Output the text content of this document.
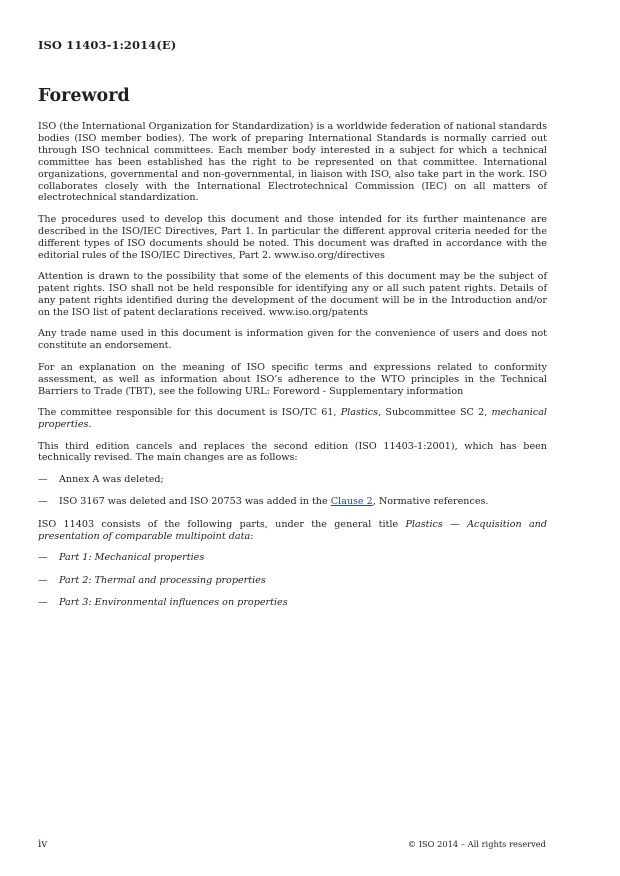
ISO 11403-1:2014(E)
Foreword

ISO (the International Organization for Standardization) is a worldwide federation of national standards bodies (ISO member bodies). The work of preparing International Standards is normally carried out through ISO technical committees. Each member body interested in a subject for which a technical committee has been established has the right to be represented on that committee. International organizations, governmental and non-governmental, in liaison with ISO, also take part in the work. ISO collaborates closely with the International Electrotechnical Commission (IEC) on all matters of electrotechnical standardization.

The procedures used to develop this document and those intended for its further maintenance are described in the ISO/IEC Directives, Part 1. In particular the different approval criteria needed for the different types of ISO documents should be noted. This document was drafted in accordance with the editorial rules of the ISO/IEC Directives, Part 2. www.iso.org/directives

Attention is drawn to the possibility that some of the elements of this document may be the subject of patent rights. ISO shall not be held responsible for identifying any or all such patent rights. Details of any patent rights identified during the development of the document will be in the Introduction and/or on the ISO list of patent declarations received. www.iso.org/patents

Any trade name used in this document is information given for the convenience of users and does not constitute an endorsement.

For an explanation on the meaning of ISO specific terms and expressions related to conformity assessment, as well as information about ISO’s adherence to the WTO principles in the Technical Barriers to Trade (TBT), see the following URL: Foreword - Supplementary information

The committee responsible for this document is ISO/TC 61, Plastics, Subcommittee SC 2, mechanical properties.

This third edition cancels and replaces the second edition (ISO 11403-1:2001), which has been technically revised. The main changes are as follows:

— Annex A was deleted;

— ISO 3167 was deleted and ISO 20753 was added in the Clause 2, Normative references.

ISO 11403 consists of the following parts, under the general title Plastics — Acquisition and presentation of comparable multipoint data:

— Part 1: Mechanical properties

— Part 2: Thermal and processing properties

— Part 3: Environmental influences on properties

iv	© ISO 2014 – All rights reserved
